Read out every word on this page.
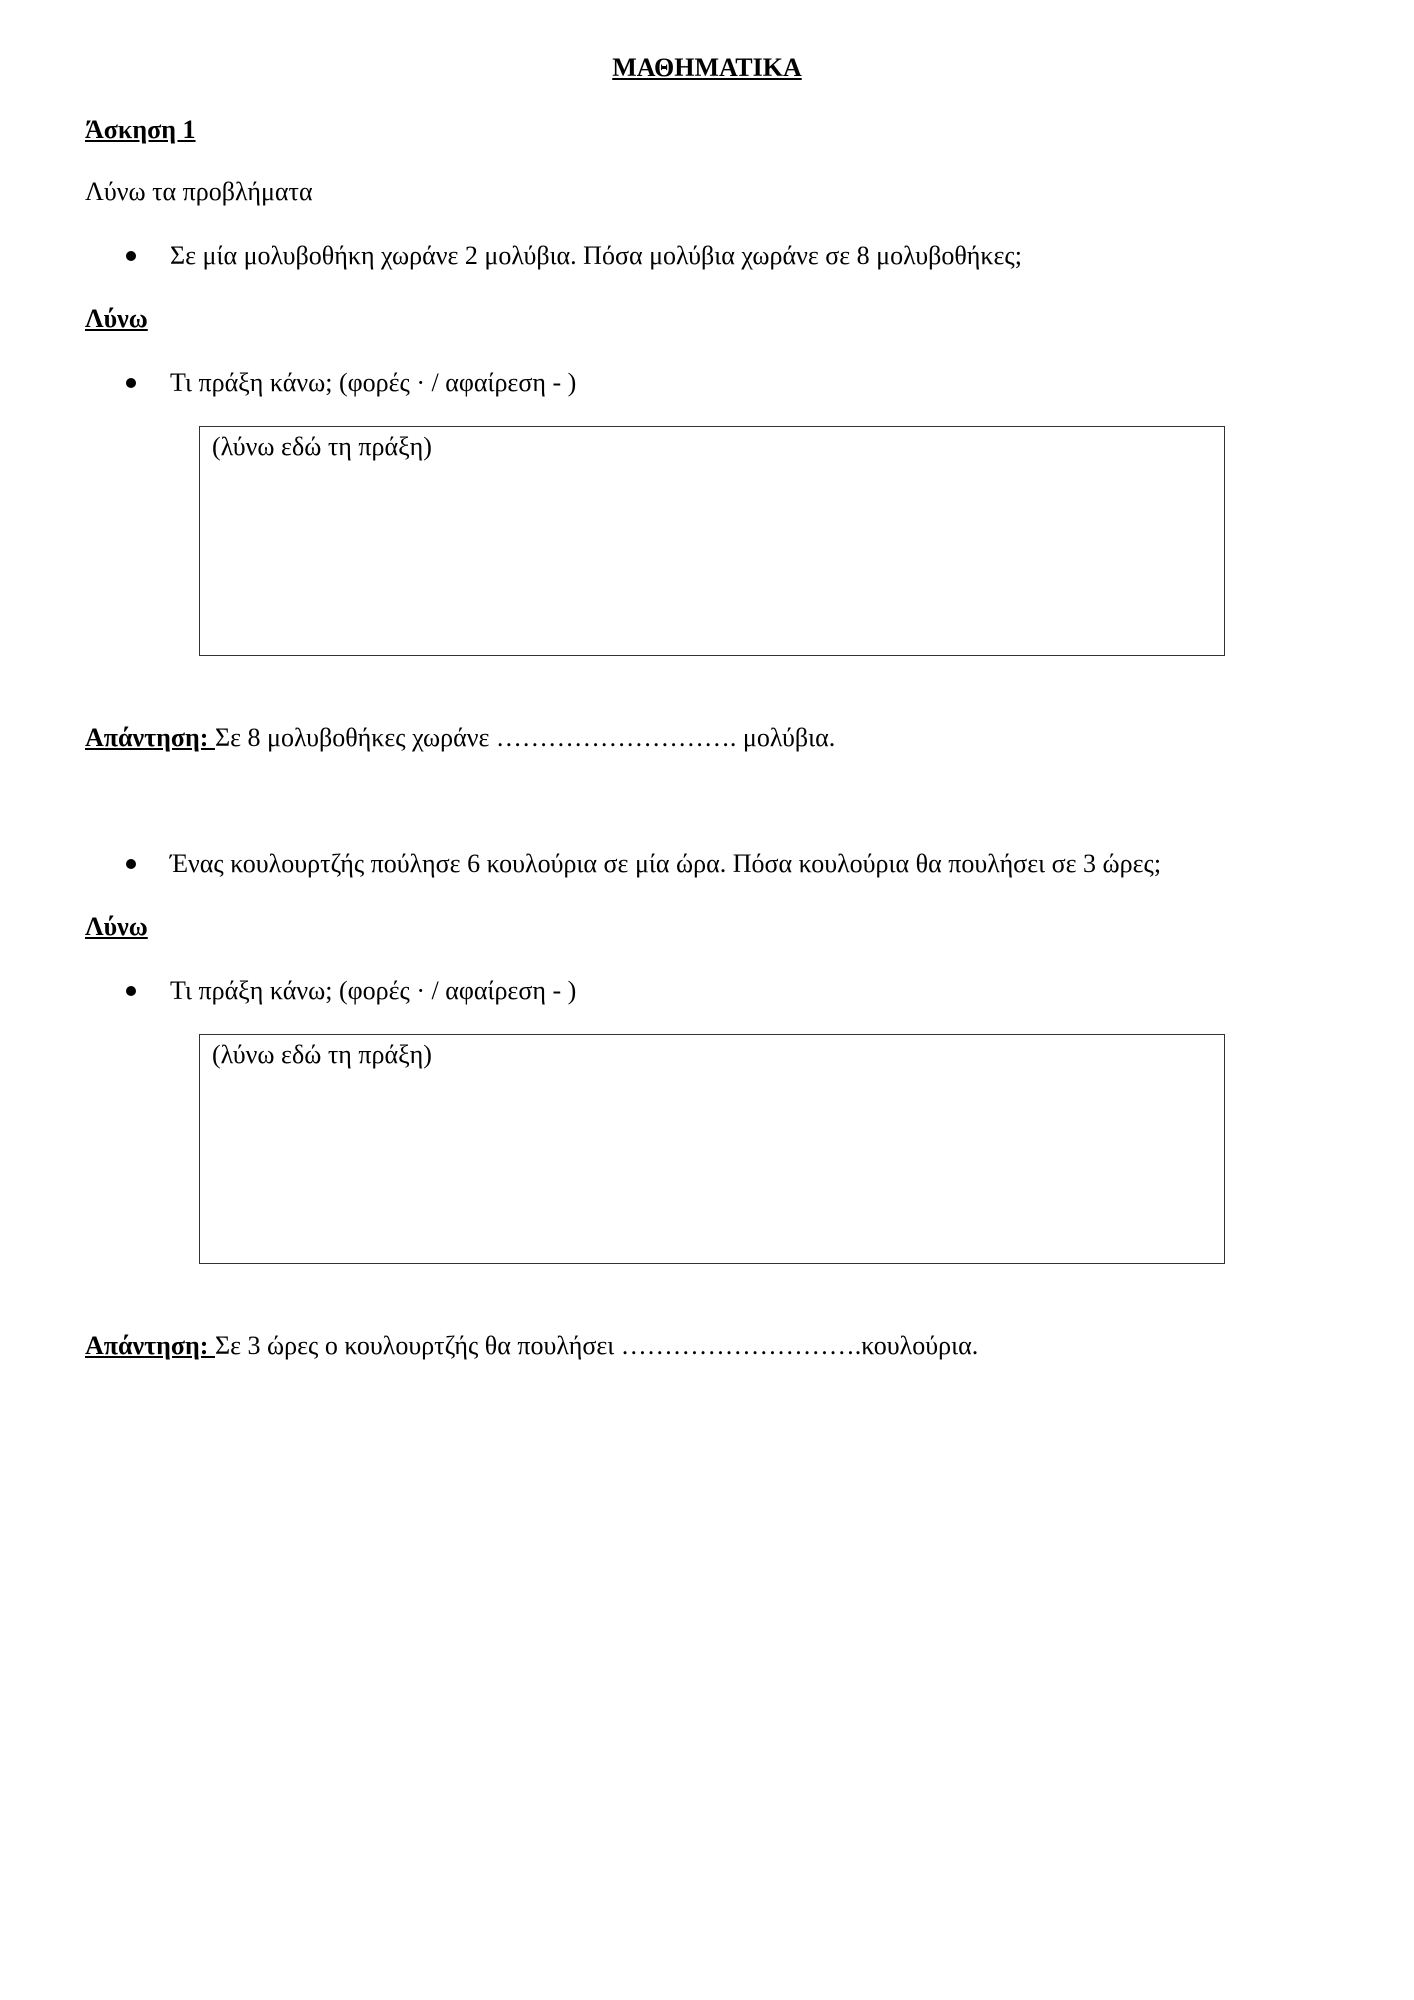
ΜΑΘΗΜΑΤΙΚΑ
Άσκηση 1
Λύνω τα προβλήματα
Σε μία μολυβοθήκη χωράνε 2 μολύβια. Πόσα μολύβια χωράνε σε 8 μολυβοθήκες;
Λύνω
Τι πράξη κάνω; (φορές · / αφαίρεση - )
(λύνω εδώ τη πράξη)
Απάντηση: Σε 8 μολυβοθήκες χωράνε ………………………. μολύβια.
Ένας κουλουρτζής πούλησε 6 κουλούρια σε μία ώρα. Πόσα κουλούρια θα πουλήσει σε 3 ώρες;
Λύνω
Τι πράξη κάνω; (φορές · / αφαίρεση - )
(λύνω εδώ τη πράξη)
Απάντηση: Σε 3 ώρες ο κουλουρτζής θα πουλήσει ……………………….κουλούρια.
